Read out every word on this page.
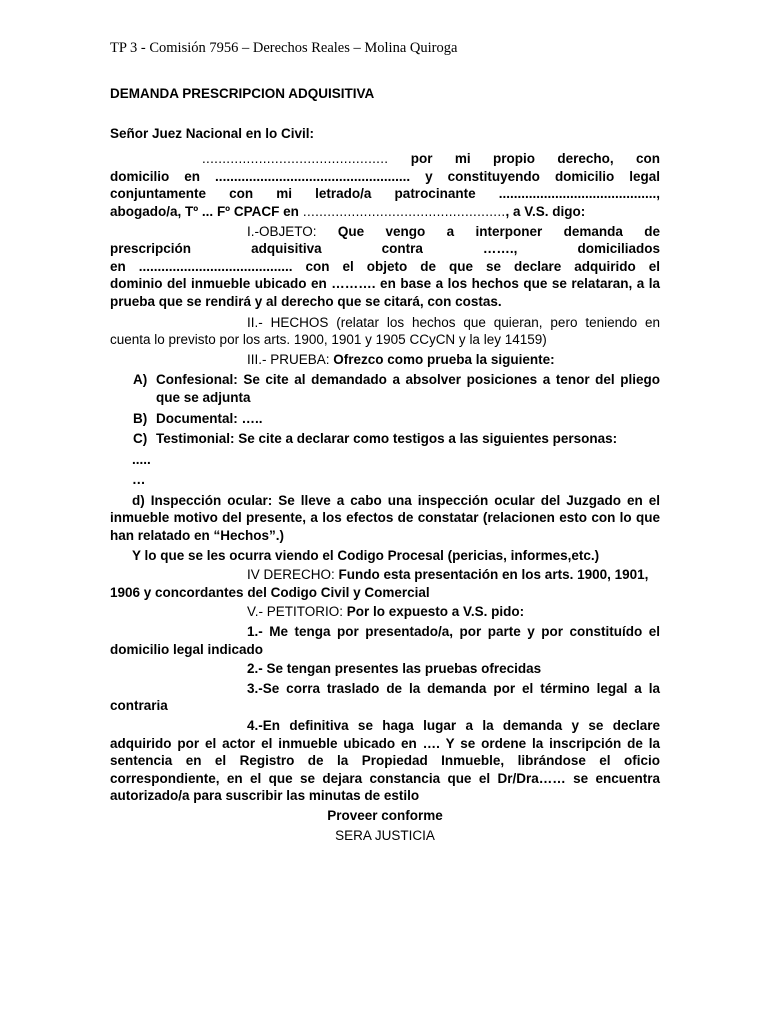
TP 3 - Comisión 7956 – Derechos Reales – Molina Quiroga

DEMANDA PRESCRIPCION ADQUISITIVA

Señor Juez Nacional en lo Civil:

.............................................. por mi propio derecho, con

domicilio en .................................................... y constituyendo domicilio legal

conjuntamente con mi letrado/a patrocinante ..........................................,

abogado/a, Tº ... Fº CPACF en .................................................., a V.S. digo:

I.-OBJETO: Que vengo a interponer demanda de

prescripción adquisitiva contra ……., domiciliados

en ......................................... con el objeto de que se declare adquirido el

dominio del inmueble ubicado en ………. en base a los hechos que se relataran, a la prueba que se rendirá y al derecho que se citará, con costas.

II.- HECHOS (relatar los hechos que quieran, pero teniendo en cuenta lo previsto por los arts. 1900, 1901 y 1905 CCyCN y la ley 14159)

III.- PRUEBA: Ofrezco como prueba la siguiente:

A) Confesional: Se cite al demandado a absolver posiciones a tenor del pliego que se adjunta
B) Documental: …..
C) Testimonial: Se cite a declarar como testigos a las siguientes personas:

.....

…

d) Inspección ocular: Se lleve a cabo una inspección ocular del Juzgado en el inmueble motivo del presente, a los efectos de constatar (relacionen esto con lo que han relatado en “Hechos”.)

Y lo que se les ocurra viendo el Codigo Procesal (pericias, informes,etc.)

IV DERECHO: Fundo esta presentación en los arts. 1900, 1901, 1906 y concordantes del Codigo Civil y Comercial

V.- PETITORIO: Por lo expuesto a V.S. pido:

1.- Me tenga por presentado/a, por parte y por constituído el domicilio legal indicado

2.- Se tengan presentes las pruebas ofrecidas

3.-Se corra traslado de la demanda por el término legal a la contraria

4.-En definitiva se haga lugar a la demanda y se declare adquirido por el actor el inmueble ubicado en …. Y se ordene la inscripción de la sentencia en el Registro de la Propiedad Inmueble, librándose el oficio correspondiente, en el que se dejara constancia que el Dr/Dra…… se encuentra autorizado/a para suscribir las minutas de estilo

Proveer conforme

SERA JUSTICIA
